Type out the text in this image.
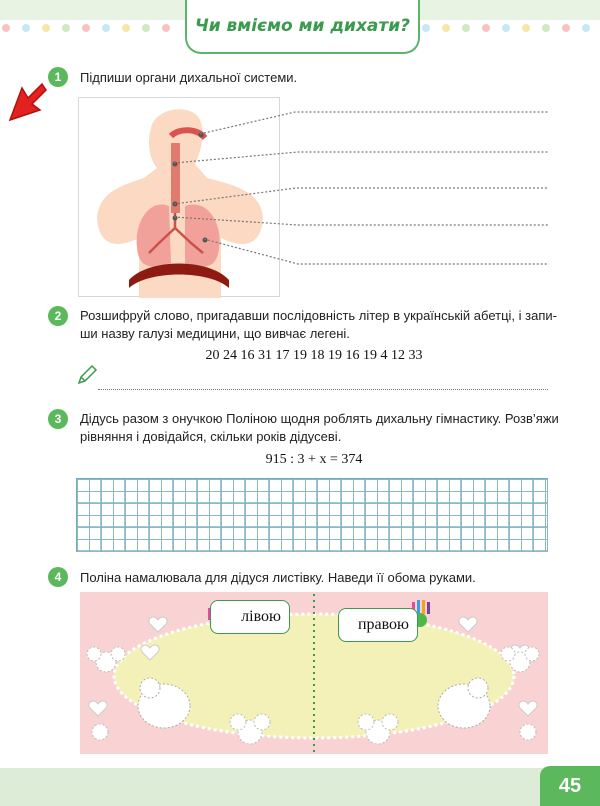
Чи вміємо ми дихати?
1	Підпиши органи дихальної системи.
2	Розшифруй слово, пригадавши послідовність літер в українській абетці, і запи-
ши назву галузі медицини, що вивчає легені.
20 24 16 31 17 19 18 19 16 19 4 12 33
3	Дідусь разом з онучкою Поліною щодня роблять дихальну гімнастику. Розв’яжи
рівняння і довідайся, скільки років дідусеві.
915 : 3 + x = 374
4	Поліна намалювала для дідуся листівку. Наведи її обома руками.
лівою	правою
45
